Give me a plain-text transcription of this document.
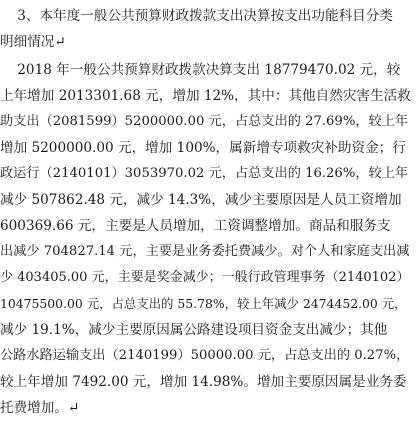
3、本年度一般公共预算财政拨款支出决算按支出功能科目分类
明细情况↵
2018 年一般公共预算财政拨款决算支出 18779470.02 元，较
上年增加 2013301.68 元，增加 12%，其中：其他自然灾害生活救
助支出（2081599）5200000.00 元，占总支出的 27.69%，较上年
增加 5200000.00 元，增加 100%，属新增专项救灾补助资金；行
政运行（2140101）3053970.02 元，占总支出的 16.26%，较上年
减少 507862.48 元，减少 14.3%，减少主要原因是人员工资增加
600369.66 元，主要是人员增加，工资调整增加。商品和服务支
出减少 704827.14 元，主要是业务委托费减少。对个人和家庭支出减
少 403405.00 元，主要是奖金减少；一般行政管理事务（2140102）
10475500.00 元，占总支出的 55.78%，较上年减少 2474452.00 元，
减少 19.1%，减少主要原因属公路建设项目资金支出减少；其他
公路水路运输支出（2140199）50000.00 元，占总支出的 0.27%，
较上年增加 7492.00 元，增加 14.98%。增加主要原因属是业务委
托费增加。↵
